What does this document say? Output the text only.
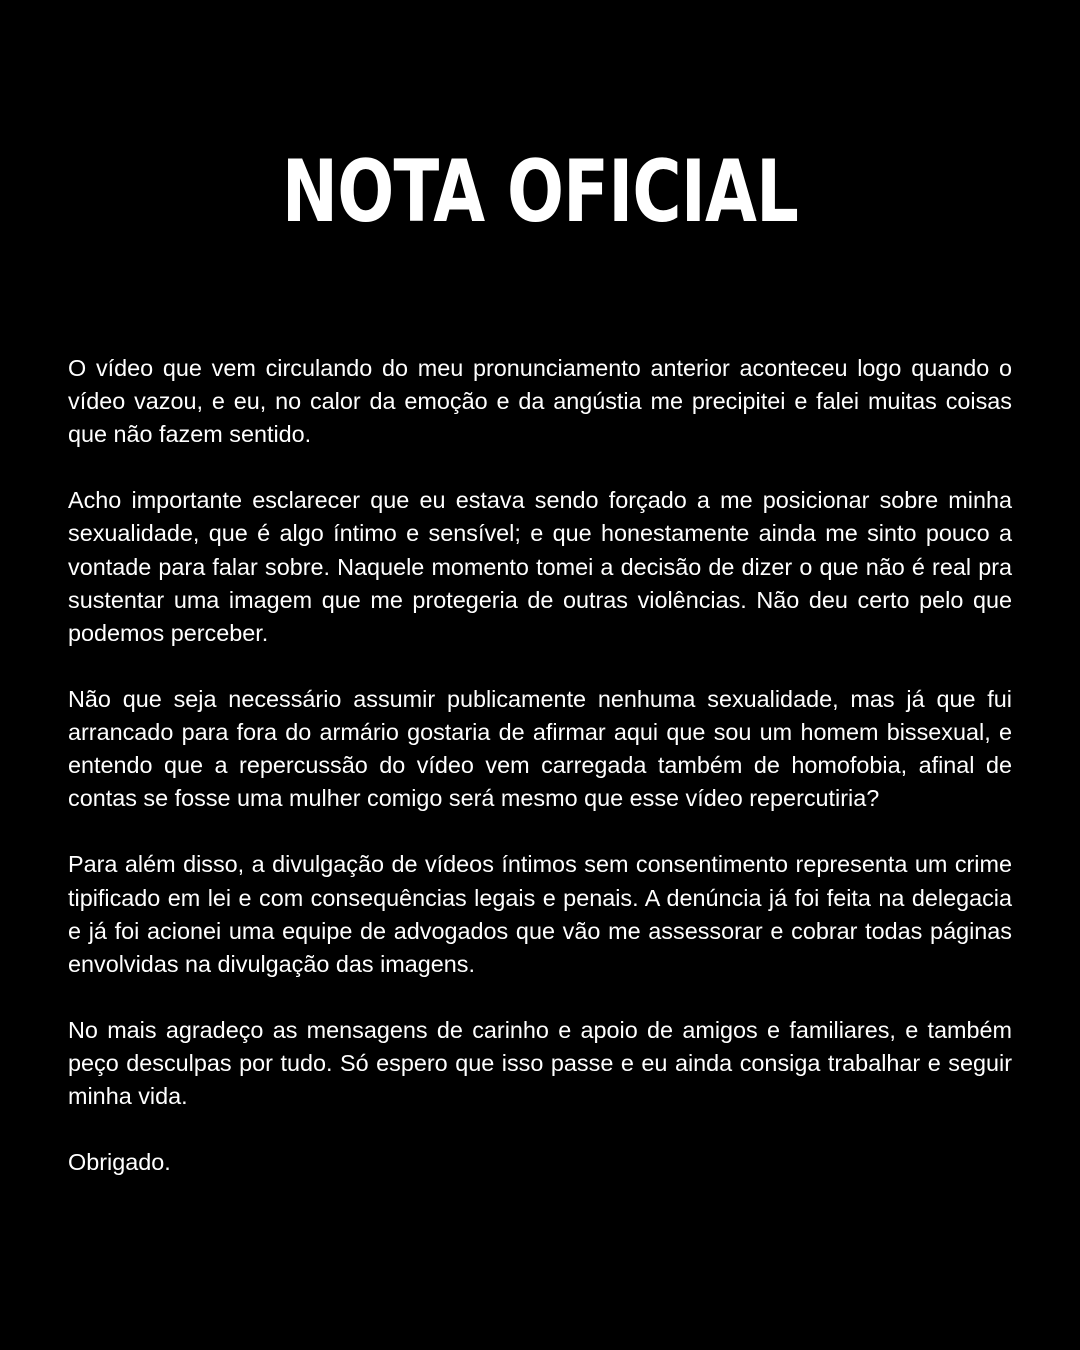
NOTA OFICIAL

O vídeo que vem circulando do meu pronunciamento anterior aconteceu logo quando o vídeo vazou, e eu, no calor da emoção e da angústia me precipitei e falei muitas coisas que não fazem sentido.

Acho importante esclarecer que eu estava sendo forçado a me posicionar sobre minha sexualidade, que é algo íntimo e sensível; e que honestamente ainda me sinto pouco a vontade para falar sobre. Naquele momento tomei a decisão de dizer o que não é real pra sustentar uma imagem que me protegeria de outras violências. Não deu certo pelo que podemos perceber.

Não que seja necessário assumir publicamente nenhuma sexualidade, mas já que fui arrancado para fora do armário gostaria de afirmar aqui que sou um homem bissexual, e entendo que a repercussão do vídeo vem carregada também de homofobia, afinal de contas se fosse uma mulher comigo será mesmo que esse vídeo repercutiria?

Para além disso, a divulgação de vídeos íntimos sem consentimento representa um crime tipificado em lei e com consequências legais e penais. A denúncia já foi feita na delegacia e já foi acionei uma equipe de advogados que vão me assessorar e cobrar todas páginas envolvidas na divulgação das imagens.

No mais agradeço as mensagens de carinho e apoio de amigos e familiares, e também peço desculpas por tudo. Só espero que isso passe e eu ainda consiga trabalhar e seguir minha vida.

Obrigado.
